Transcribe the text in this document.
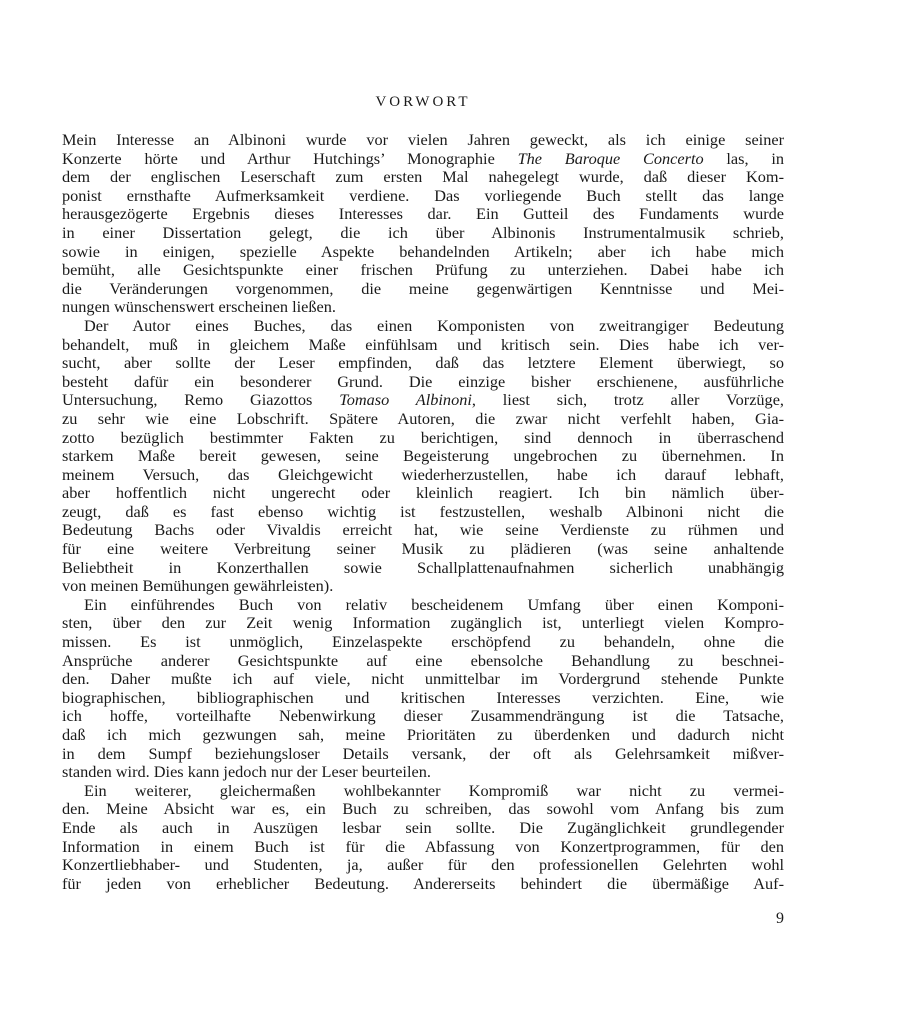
VORWORT
Mein Interesse an Albinoni wurde vor vielen Jahren geweckt, als ich einige seiner
Konzerte hörte und Arthur Hutchings’ Monographie The Baroque Concerto las, in
dem der englischen Leserschaft zum ersten Mal nahegelegt wurde, daß dieser Kom-
ponist ernsthafte Aufmerksamkeit verdiene. Das vorliegende Buch stellt das lange
herausgezögerte Ergebnis dieses Interesses dar. Ein Gutteil des Fundaments wurde
in einer Dissertation gelegt, die ich über Albinonis Instrumentalmusik schrieb,
sowie in einigen, spezielle Aspekte behandelnden Artikeln; aber ich habe mich
bemüht, alle Gesichtspunkte einer frischen Prüfung zu unterziehen. Dabei habe ich
die Veränderungen vorgenommen, die meine gegenwärtigen Kenntnisse und Mei-
nungen wünschenswert erscheinen ließen.
Der Autor eines Buches, das einen Komponisten von zweitrangiger Bedeutung
behandelt, muß in gleichem Maße einfühlsam und kritisch sein. Dies habe ich ver-
sucht, aber sollte der Leser empfinden, daß das letztere Element überwiegt, so
besteht dafür ein besonderer Grund. Die einzige bisher erschienene, ausführliche
Untersuchung, Remo Giazottos Tomaso Albinoni, liest sich, trotz aller Vorzüge,
zu sehr wie eine Lobschrift. Spätere Autoren, die zwar nicht verfehlt haben, Gia-
zotto bezüglich bestimmter Fakten zu berichtigen, sind dennoch in überraschend
starkem Maße bereit gewesen, seine Begeisterung ungebrochen zu übernehmen. In
meinem Versuch, das Gleichgewicht wiederherzustellen, habe ich darauf lebhaft,
aber hoffentlich nicht ungerecht oder kleinlich reagiert. Ich bin nämlich über-
zeugt, daß es fast ebenso wichtig ist festzustellen, weshalb Albinoni nicht die
Bedeutung Bachs oder Vivaldis erreicht hat, wie seine Verdienste zu rühmen und
für eine weitere Verbreitung seiner Musik zu plädieren (was seine anhaltende
Beliebtheit in Konzerthallen sowie Schallplattenaufnahmen sicherlich unabhängig
von meinen Bemühungen gewährleisten).
Ein einführendes Buch von relativ bescheidenem Umfang über einen Komponi-
sten, über den zur Zeit wenig Information zugänglich ist, unterliegt vielen Kompro-
missen. Es ist unmöglich, Einzelaspekte erschöpfend zu behandeln, ohne die
Ansprüche anderer Gesichtspunkte auf eine ebensolche Behandlung zu beschnei-
den. Daher mußte ich auf viele, nicht unmittelbar im Vordergrund stehende Punkte
biographischen, bibliographischen und kritischen Interesses verzichten. Eine, wie
ich hoffe, vorteilhafte Nebenwirkung dieser Zusammendrängung ist die Tatsache,
daß ich mich gezwungen sah, meine Prioritäten zu überdenken und dadurch nicht
in dem Sumpf beziehungsloser Details versank, der oft als Gelehrsamkeit mißver-
standen wird. Dies kann jedoch nur der Leser beurteilen.
Ein weiterer, gleichermaßen wohlbekannter Kompromiß war nicht zu vermei-
den. Meine Absicht war es, ein Buch zu schreiben, das sowohl vom Anfang bis zum
Ende als auch in Auszügen lesbar sein sollte. Die Zugänglichkeit grundlegender
Information in einem Buch ist für die Abfassung von Konzertprogrammen, für den
Konzertliebhaber- und Studenten, ja, außer für den professionellen Gelehrten wohl
für jeden von erheblicher Bedeutung. Andererseits behindert die übermäßige Auf-
9
